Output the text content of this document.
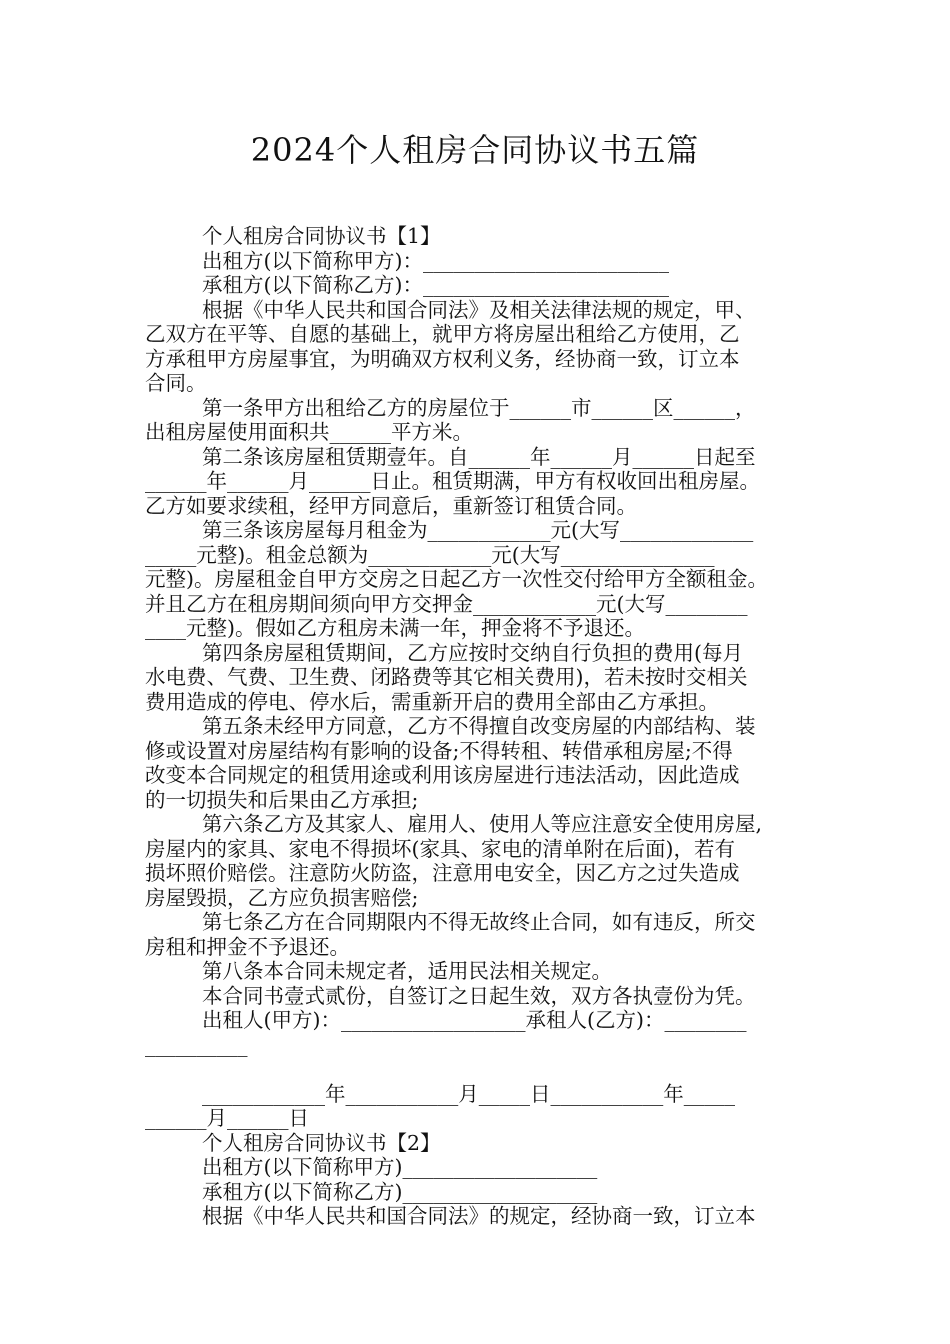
2024个人租房合同协议书五篇

个人租房合同协议书【1】

出租方(以下简称甲方)：________________________

承租方(以下简称乙方)：________________________

根据《中华人民共和国合同法》及相关法律法规的规定，甲、

乙双方在平等、自愿的基础上，就甲方将房屋出租给乙方使用，乙

方承租甲方房屋事宜，为明确双方权利义务，经协商一致，订立本

合同。

第一条甲方出租给乙方的房屋位于______市______区______，

出租房屋使用面积共______平方米。

第二条该房屋租赁期壹年。自______年______月______日起至

______年______月______日止。租赁期满，甲方有权收回出租房屋。

乙方如要求续租，经甲方同意后，重新签订租赁合同。

第三条该房屋每月租金为____________元(大写_____________

_____元整)。租金总额为____________元(大写_______________

元整)。房屋租金自甲方交房之日起乙方一次性交付给甲方全额租金。

并且乙方在租房期间须向甲方交押金____________元(大写________

____元整)。假如乙方租房未满一年，押金将不予退还。

第四条房屋租赁期间，乙方应按时交纳自行负担的费用(每月

水电费、气费、卫生费、闭路费等其它相关费用)，若未按时交相关

费用造成的停电、停水后，需重新开启的费用全部由乙方承担。

第五条未经甲方同意，乙方不得擅自改变房屋的内部结构、装

修或设置对房屋结构有影响的设备;不得转租、转借承租房屋;不得

改变本合同规定的租赁用途或利用该房屋进行违法活动，因此造成

的一切损失和后果由乙方承担;

第六条乙方及其家人、雇用人、使用人等应注意安全使用房屋,

房屋内的家具、家电不得损坏(家具、家电的清单附在后面)，若有

损坏照价赔偿。注意防火防盗，注意用电安全，因乙方之过失造成

房屋毁损，乙方应负损害赔偿;

第七条乙方在合同期限内不得无故终止合同，如有违反，所交

房租和押金不予退还。

第八条本合同未规定者，适用民法相关规定。

本合同书壹式贰份，自签订之日起生效，双方各执壹份为凭。

出租人(甲方)：__________________承租人(乙方)：________

__________

____________年___________月_____日___________年_____

______月______日

个人租房合同协议书【2】

出租方(以下简称甲方)___________________

承租方(以下简称乙方)___________________

根据《中华人民共和国合同法》的规定，经协商一致，订立本
